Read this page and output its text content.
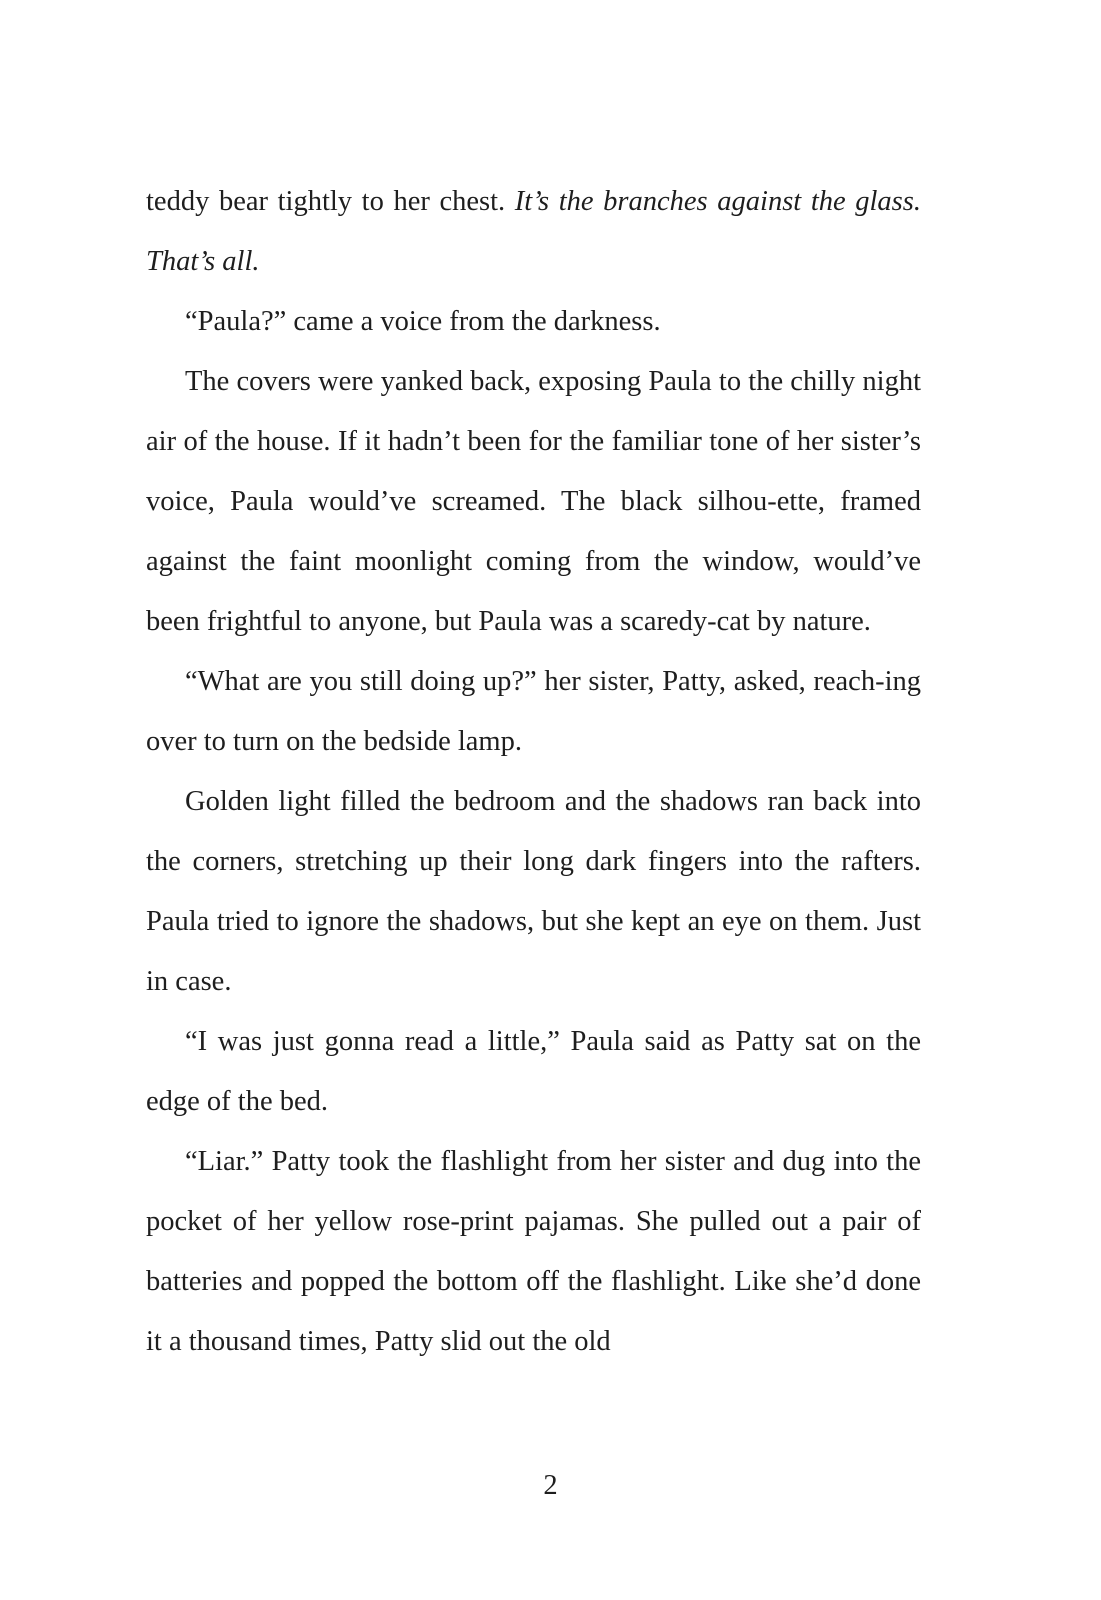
teddy bear tightly to her chest. It’s the branches against the glass. That’s all.

“Paula?” came a voice from the darkness.

The covers were yanked back, exposing Paula to the chilly night air of the house. If it hadn’t been for the familiar tone of her sister’s voice, Paula would’ve screamed. The black silhou-ette, framed against the faint moonlight coming from the window, would’ve been frightful to anyone, but Paula was a scaredy-cat by nature.

“What are you still doing up?” her sister, Patty, asked, reach-ing over to turn on the bedside lamp.

Golden light filled the bedroom and the shadows ran back into the corners, stretching up their long dark fingers into the rafters. Paula tried to ignore the shadows, but she kept an eye on them. Just in case.

“I was just gonna read a little,” Paula said as Patty sat on the edge of the bed.

“Liar.” Patty took the flashlight from her sister and dug into the pocket of her yellow rose-print pajamas. She pulled out a pair of batteries and popped the bottom off the flashlight. Like she’d done it a thousand times, Patty slid out the old

2
